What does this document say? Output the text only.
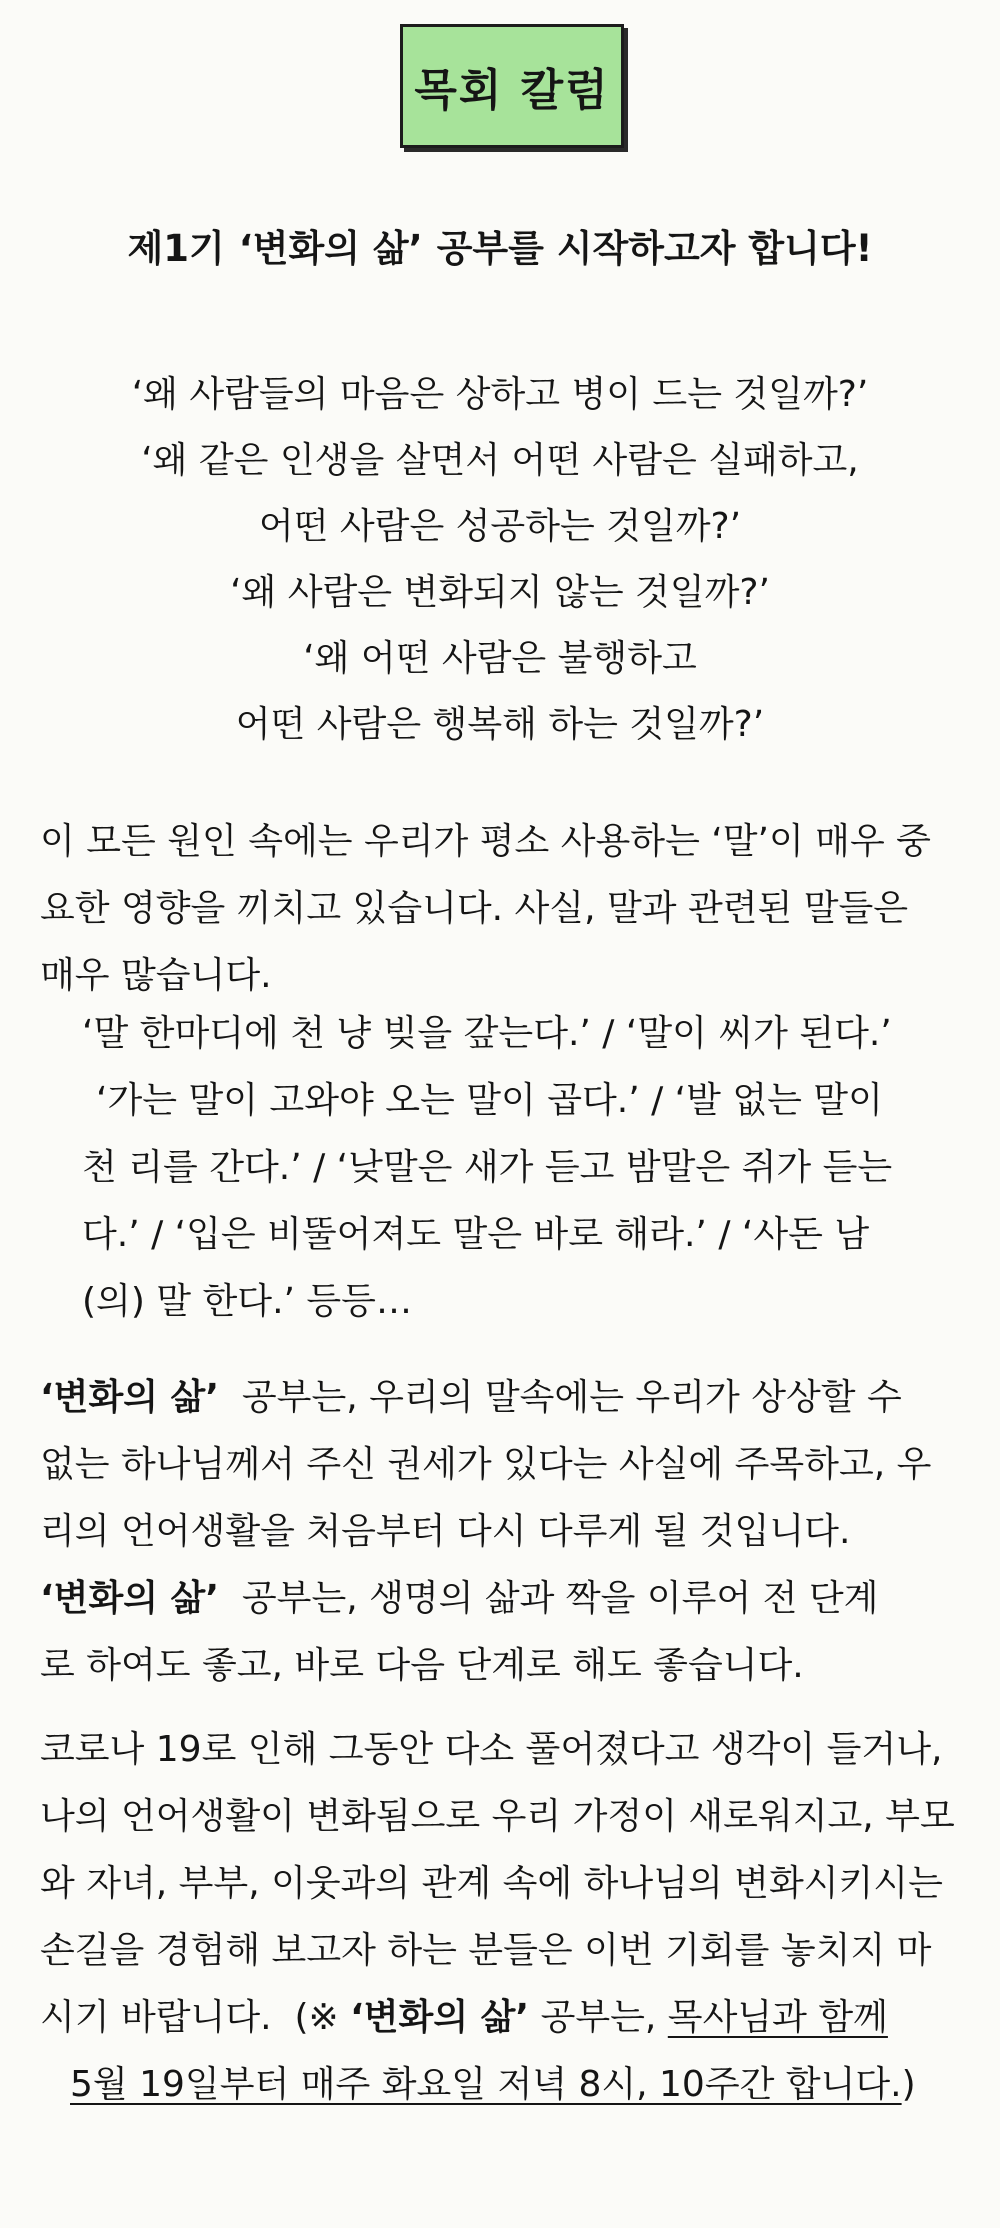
목회 칼럼
제1기 ‘변화의 삶’ 공부를 시작하고자 합니다!
‘왜 사람들의 마음은 상하고 병이 드는 것일까?’
‘왜 같은 인생을 살면서 어떤 사람은 실패하고,
어떤 사람은 성공하는 것일까?’
‘왜 사람은 변화되지 않는 것일까?’
‘왜 어떤 사람은 불행하고
어떤 사람은 행복해 하는 것일까?’
이 모든 원인 속에는 우리가 평소 사용하는 ‘말’이 매우 중
요한 영향을 끼치고 있습니다. 사실, 말과 관련된 말들은
매우 많습니다.
‘말 한마디에 천 냥 빚을 갚는다.’ / ‘말이 씨가 된다.’
‘가는 말이 고와야 오는 말이 곱다.’ / ‘발 없는 말이
천 리를 간다.’ / ‘낮말은 새가 듣고 밤말은 쥐가 듣는
다.’ / ‘입은 비뚤어져도 말은 바로 해라.’ / ‘사돈 남
(의) 말 한다.’ 등등…
‘변화의 삶’ 공부는, 우리의 말속에는 우리가 상상할 수
없는 하나님께서 주신 권세가 있다는 사실에 주목하고, 우
리의 언어생활을 처음부터 다시 다루게 될 것입니다.
‘변화의 삶’ 공부는, 생명의 삶과 짝을 이루어 전 단계
로 하여도 좋고, 바로 다음 단계로 해도 좋습니다.
코로나 19로 인해 그동안 다소 풀어졌다고 생각이 들거나,
나의 언어생활이 변화됨으로 우리 가정이 새로워지고, 부모
와 자녀, 부부, 이웃과의 관계 속에 하나님의 변화시키시는
손길을 경험해 보고자 하는 분들은 이번 기회를 놓치지 마
시기 바랍니다. (※ ‘변화의 삶’ 공부는, 목사님과 함께
5월 19일부터 매주 화요일 저녁 8시, 10주간 합니다.)
